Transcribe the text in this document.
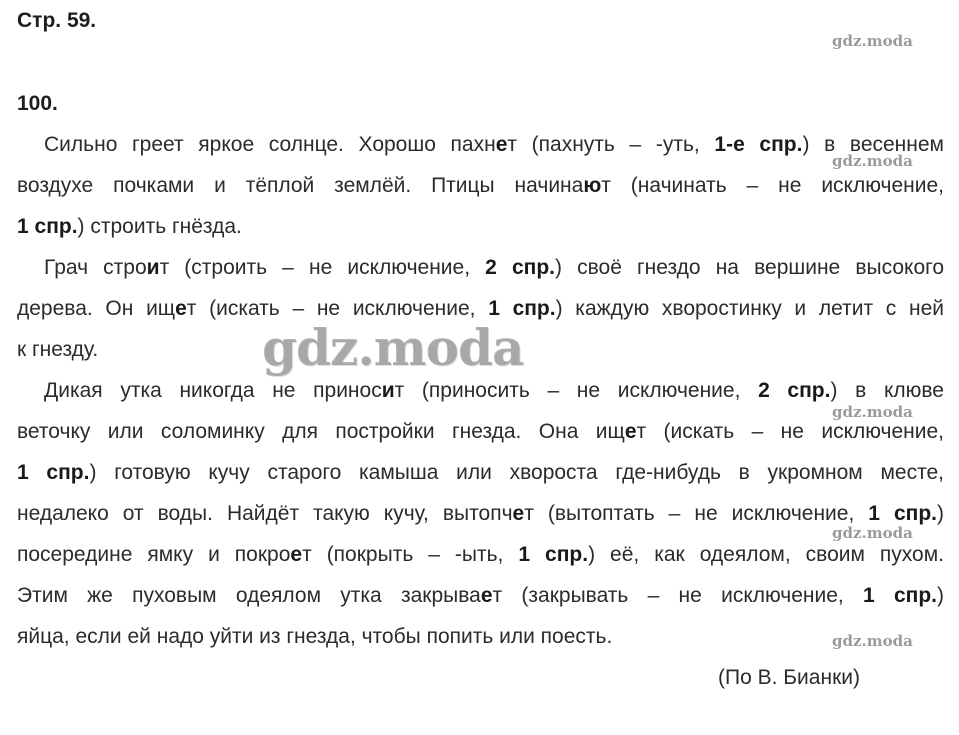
Стр. 59.
gdz.moda
100.
Сильно греет яркое солнце. Хорошо пахнет (пахнуть – -уть, 1-е спр.) в весеннем
воздухе почками и тёплой землёй. Птицы начинают (начинать – не исключение,
1 спр.) строить гнёзда.
Грач строит (строить – не исключение, 2 спр.) своё гнездо на вершине высокого
дерева. Он ищет (искать – не исключение, 1 спр.) каждую хворостинку и летит с ней
к гнезду.
Дикая утка никогда не приносит (приносить – не исключение, 2 спр.) в клюве
веточку или соломинку для постройки гнезда. Она ищет (искать – не исключение,
1 спр.) готовую кучу старого камыша или хвороста где-нибудь в укромном месте,
недалеко от воды. Найдёт такую кучу, вытопчет (вытоптать – не исключение, 1 спр.)
посередине ямку и покроет (покрыть – -ыть, 1 спр.) её, как одеялом, своим пухом.
Этим же пуховым одеялом утка закрывает (закрывать – не исключение, 1 спр.)
яйца, если ей надо уйти из гнезда, чтобы попить или поесть.
(По В. Бианки)
gdz.moda
gdz.moda
gdz.moda
gdz.moda
gdz.moda
